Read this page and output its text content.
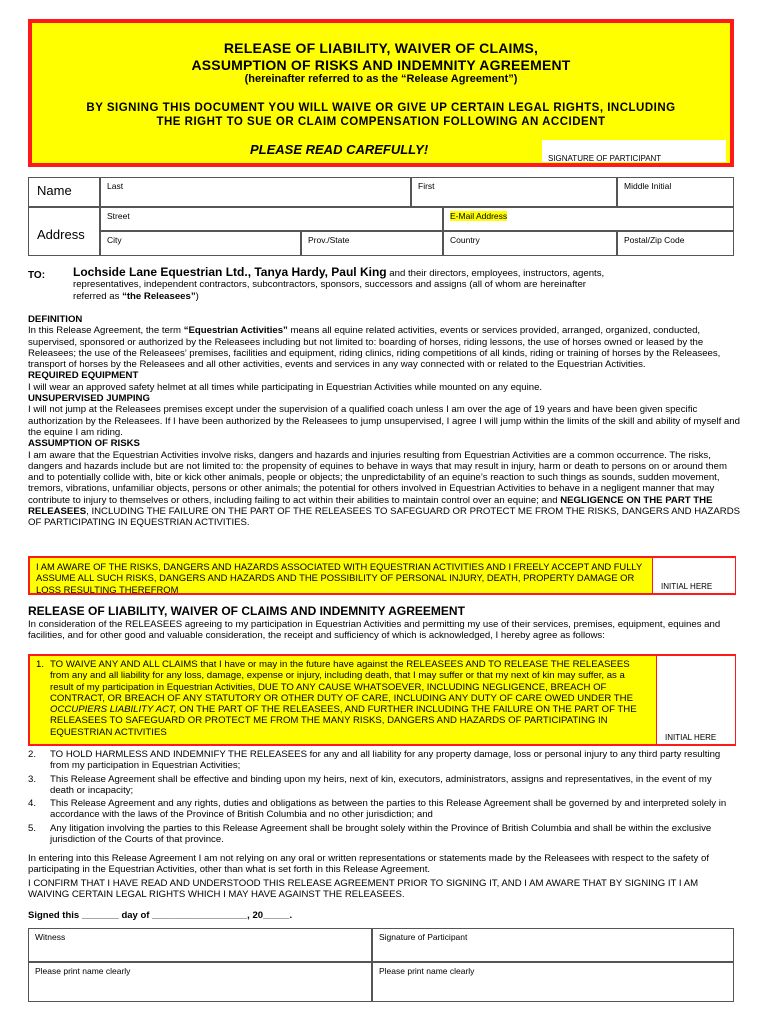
RELEASE OF LIABILITY, WAIVER OF CLAIMS,
ASSUMPTION OF RISKS AND INDEMNITY AGREEMENT
(hereinafter referred to as the “Release Agreement”)
BY SIGNING THIS DOCUMENT YOU WILL WAIVE OR GIVE UP CERTAIN LEGAL RIGHTS, INCLUDING
THE RIGHT TO SUE OR CLAIM COMPENSATION FOLLOWING AN ACCIDENT
PLEASE READ CAREFULLY!
SIGNATURE OF PARTICIPANT
Name	Last	First	Middle Initial
Address
Street	E-Mail Address
City	Prov./State	Country	Postal/Zip Code
TO: Lochside Lane Equestrian Ltd., Tanya Hardy, Paul King and their directors, employees, instructors, agents,
representatives, independent contractors, subcontractors, sponsors, successors and assigns (all of whom are hereinafter
referred as “the Releasees”)
DEFINITION
In this Release Agreement, the term “Equestrian Activities” means all equine related activities, events or services provided, arranged, organized, conducted, supervised, sponsored or authorized by the Releasees including but not limited to: boarding of horses, riding lessons, the use of horses owned or leased by the Releasees; the use of the Releasees’ premises, facilities and equipment, riding clinics, riding competitions of all kinds, riding or training of horses by the Releasees, transport of horses by the Releasees and all other activities, events and services in any way connected with or related to the Equestrian Activities.
REQUIRED EQUIPMENT
I will wear an approved safety helmet at all times while participating in Equestrian Activities while mounted on any equine.
UNSUPERVISED JUMPING
I will not jump at the Releasees premises except under the supervision of a qualified coach unless I am over the age of 19 years and have been given specific authorization by the Releasees. If I have been authorized by the Releasees to jump unsupervised, I agree I will jump within the limits of the skill and ability of myself and the equine I am riding.
ASSUMPTION OF RISKS
I am aware that the Equestrian Activities involve risks, dangers and hazards and injuries resulting from Equestrian Activities are a common occurrence. The risks, dangers and hazards include but are not limited to: the propensity of equines to behave in ways that may result in injury, harm or death to persons on or around them and to potentially collide with, bite or kick other animals, people or objects; the unpredictability of an equine’s reaction to such things as sounds, sudden movement, tremors, vibrations, unfamiliar objects, persons or other animals; the potential for others involved in Equestrian Activities to behave in a negligent manner that may contribute to injury to themselves or others, including failing to act within their abilities to maintain control over an equine; and NEGLIGENCE ON THE PART THE RELEASEES, INCLUDING THE FAILURE ON THE PART OF THE RELEASEES TO SAFEGUARD OR PROTECT ME FROM THE RISKS, DANGERS AND HAZARDS OF PARTICIPATING IN EQUESTRIAN ACTIVITIES.
I AM AWARE OF THE RISKS, DANGERS AND HAZARDS ASSOCIATED WITH EQUESTRIAN ACTIVITIES AND I FREELY ACCEPT AND FULLY ASSUME ALL SUCH RISKS, DANGERS AND HAZARDS AND THE POSSIBILITY OF PERSONAL INJURY, DEATH, PROPERTY DAMAGE OR LOSS RESULTING THEREFROM	INITIAL HERE
RELEASE OF LIABILITY, WAIVER OF CLAIMS AND INDEMNITY AGREEMENT
In consideration of the RELEASEES agreeing to my participation in Equestrian Activities and permitting my use of their services, premises, equipment, equines and facilities, and for other good and valuable consideration, the receipt and sufficiency of which is acknowledged, I hereby agree as follows:
1. TO WAIVE ANY AND ALL CLAIMS that I have or may in the future have against the RELEASEES AND TO RELEASE THE RELEASEES from any and all liability for any loss, damage, expense or injury, including death, that I may suffer or that my next of kin may suffer, as a result of my participation in Equestrian Activities, DUE TO ANY CAUSE WHATSOEVER, INCLUDING NEGLIGENCE, BREACH OF CONTRACT, OR BREACH OF ANY STATUTORY OR OTHER DUTY OF CARE, INCLUDING ANY DUTY OF CARE OWED UNDER THE OCCUPIERS LIABILITY ACT, ON THE PART OF THE RELEASEES, AND FURTHER INCLUDING THE FAILURE ON THE PART OF THE RELEASEES TO SAFEGUARD OR PROTECT ME FROM THE MANY RISKS, DANGERS AND HAZARDS OF PARTICIPATING IN EQUESTRIAN ACTIVITIES	INITIAL HERE
2. TO HOLD HARMLESS AND INDEMNIFY THE RELEASEES for any and all liability for any property damage, loss or personal injury to any third party resulting from my participation in Equestrian Activities;
3. This Release Agreement shall be effective and binding upon my heirs, next of kin, executors, administrators, assigns and representatives, in the event of my death or incapacity;
4. This Release Agreement and any rights, duties and obligations as between the parties to this Release Agreement shall be governed by and interpreted solely in accordance with the laws of the Province of British Columbia and no other jurisdiction; and
5. Any litigation involving the parties to this Release Agreement shall be brought solely within the Province of British Columbia and shall be within the exclusive jurisdiction of the Courts of that province.
In entering into this Release Agreement I am not relying on any oral or written representations or statements made by the Releasees with respect to the safety of participating in the Equestrian Activities, other than what is set forth in this Release Agreement.
I CONFIRM THAT I HAVE READ AND UNDERSTOOD THIS RELEASE AGREEMENT PRIOR TO SIGNING IT, AND I AM AWARE THAT BY SIGNING IT I AM WAIVING CERTAIN LEGAL RIGHTS WHICH I MAY HAVE AGAINST THE RELEASEES.
Signed this _______ day of __________________, 20_____.
Witness	Signature of Participant
Please print name clearly	Please print name clearly
